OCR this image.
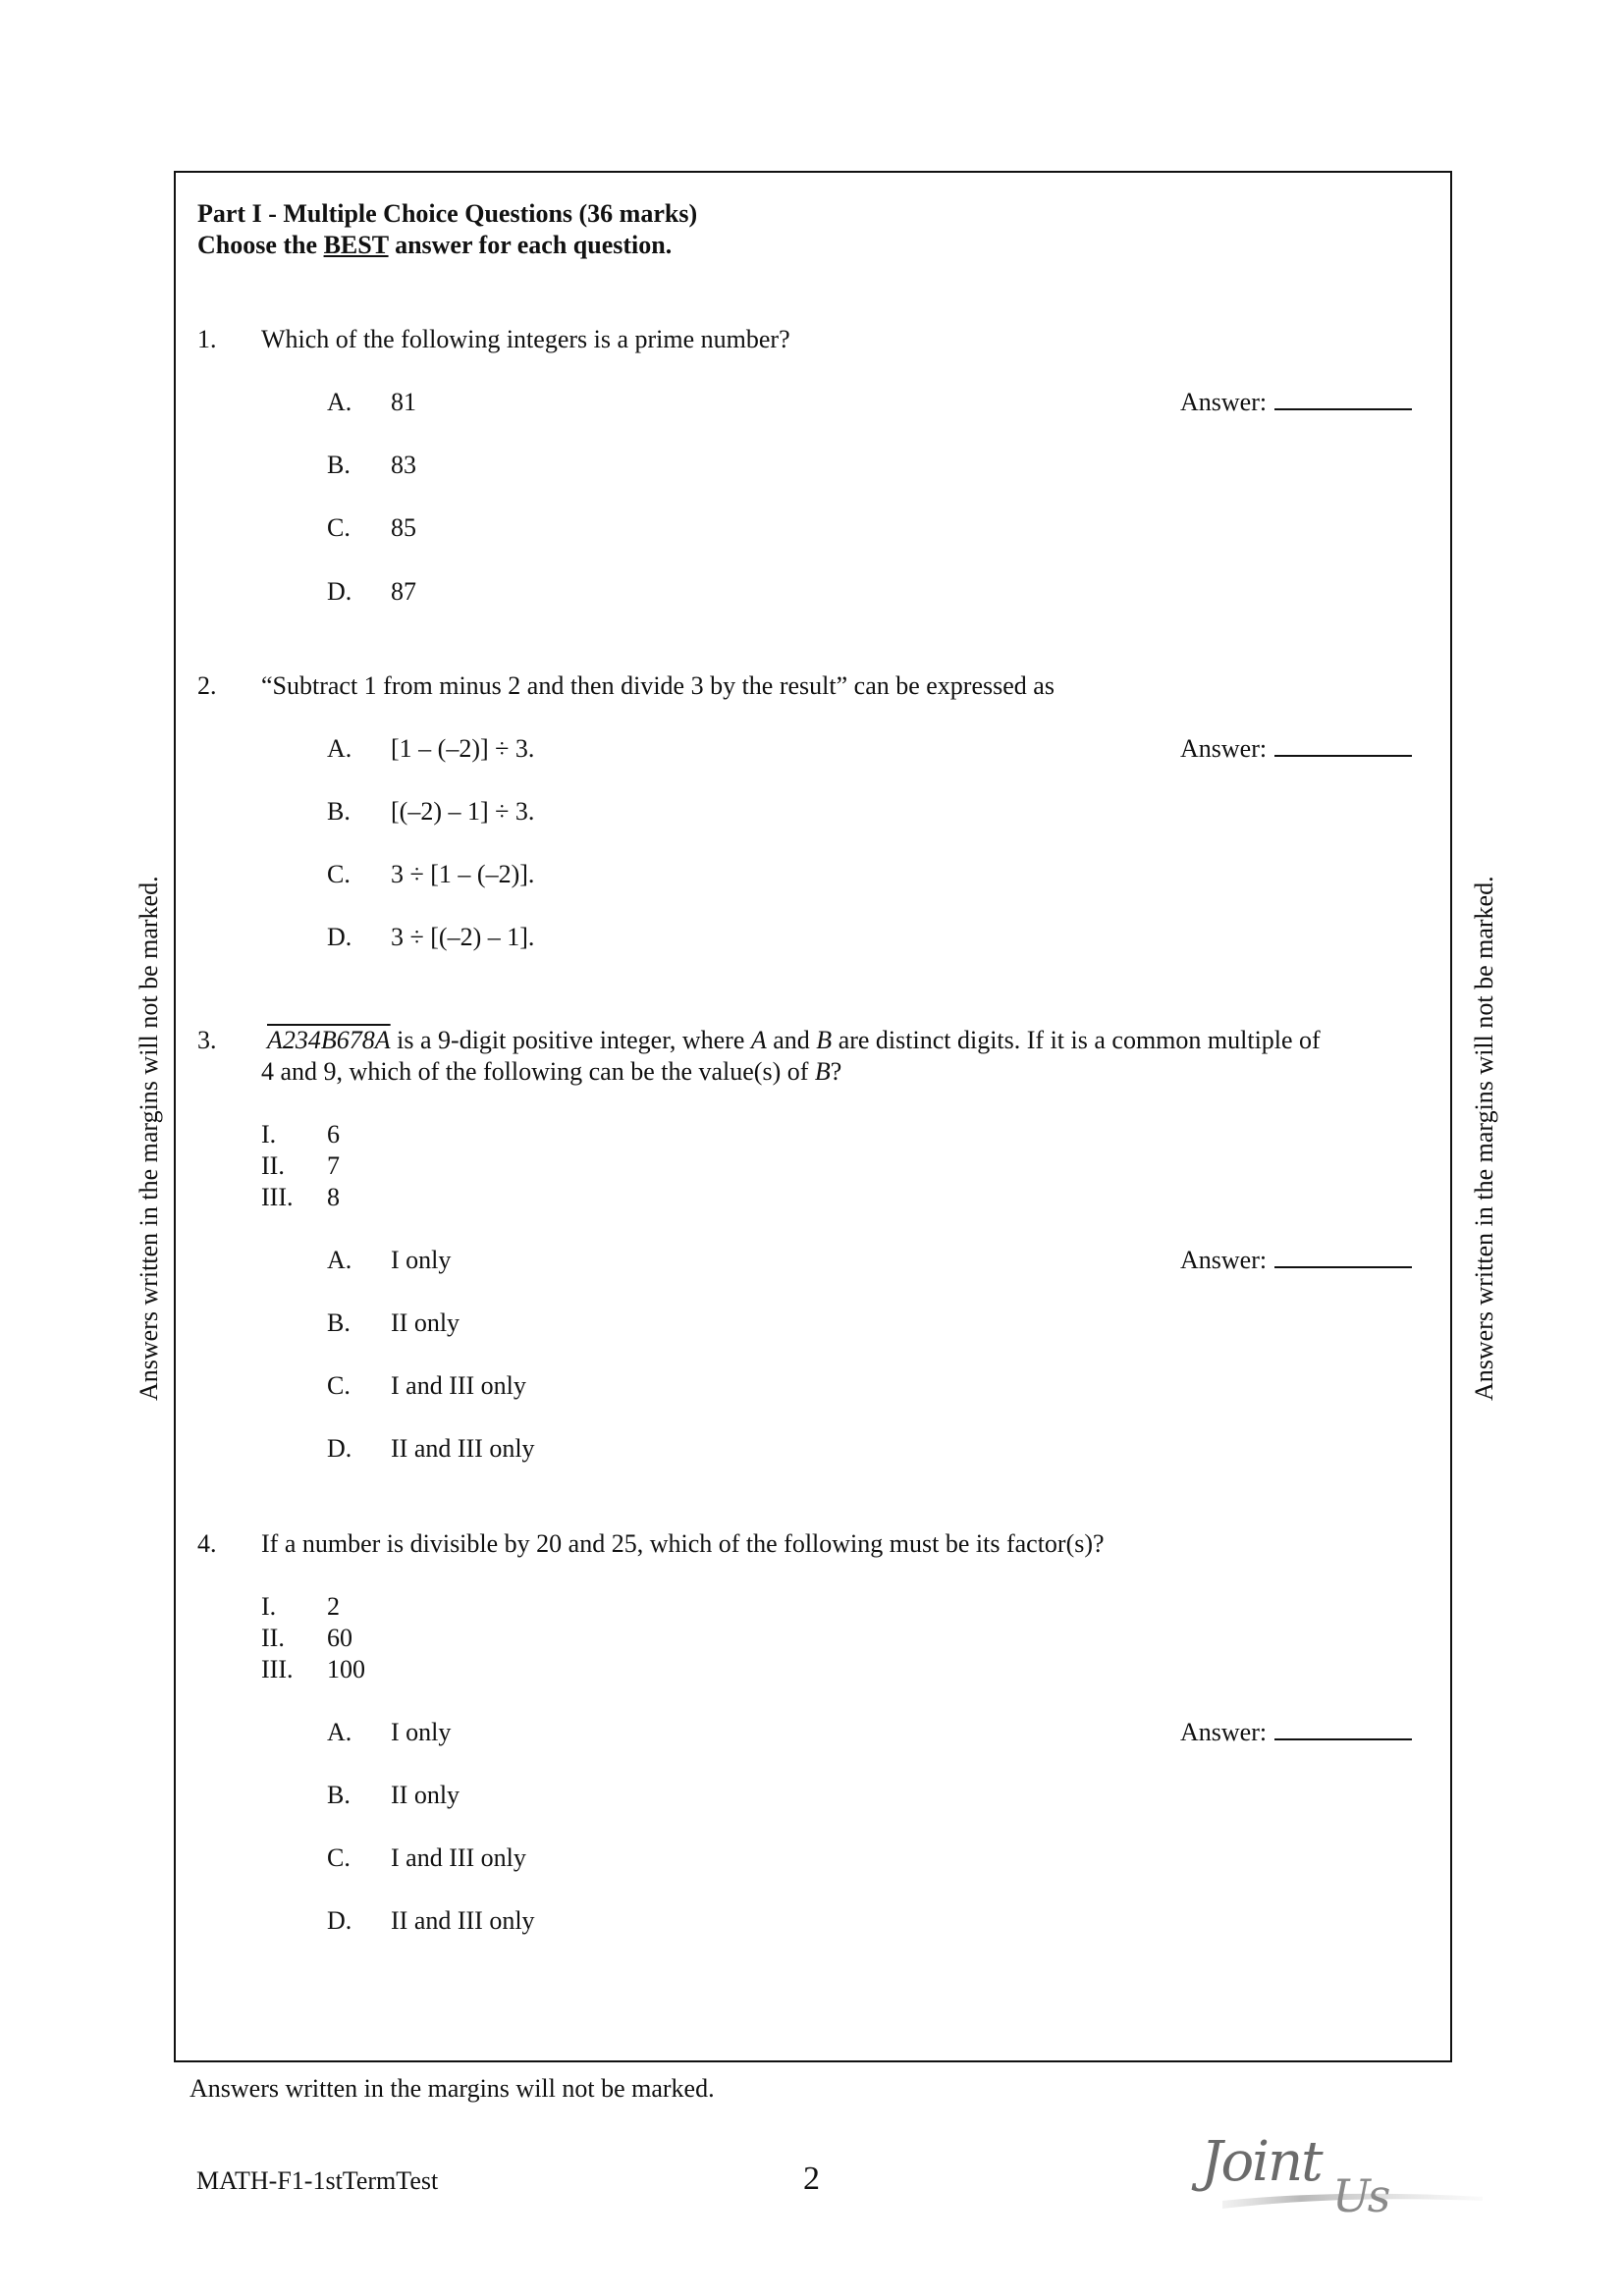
Answers written in the margins will not be marked.	Answers written in the margins will not be marked.
Part I - Multiple Choice Questions (36 marks)
Choose the BEST answer for each question.
1. Which of the following integers is a prime number?
A. 81
B. 83
C. 85
D. 87
Answer:
2. “Subtract 1 from minus 2 and then divide 3 by the result” can be expressed as
A. [1 – (–2)] ÷ 3.
B. [(–2) – 1] ÷ 3.
C. 3 ÷ [1 – (–2)].
D. 3 ÷ [(–2) – 1].
Answer:
3. A234B678A is a 9-digit positive integer, where A and B are distinct digits. If it is a common multiple of
4 and 9, which of the following can be the value(s) of B?
I. 6
II. 7
III. 8
A. I only
B. II only
C. I and III only
D. II and III only
Answer:
4. If a number is divisible by 20 and 25, which of the following must be its factor(s)?
I. 2
II. 60
III. 100
A. I only
B. II only
C. I and III only
D. II and III only
Answer:
Answers written in the margins will not be marked.
MATH-F1-1stTermTest	2	Joint
Us
